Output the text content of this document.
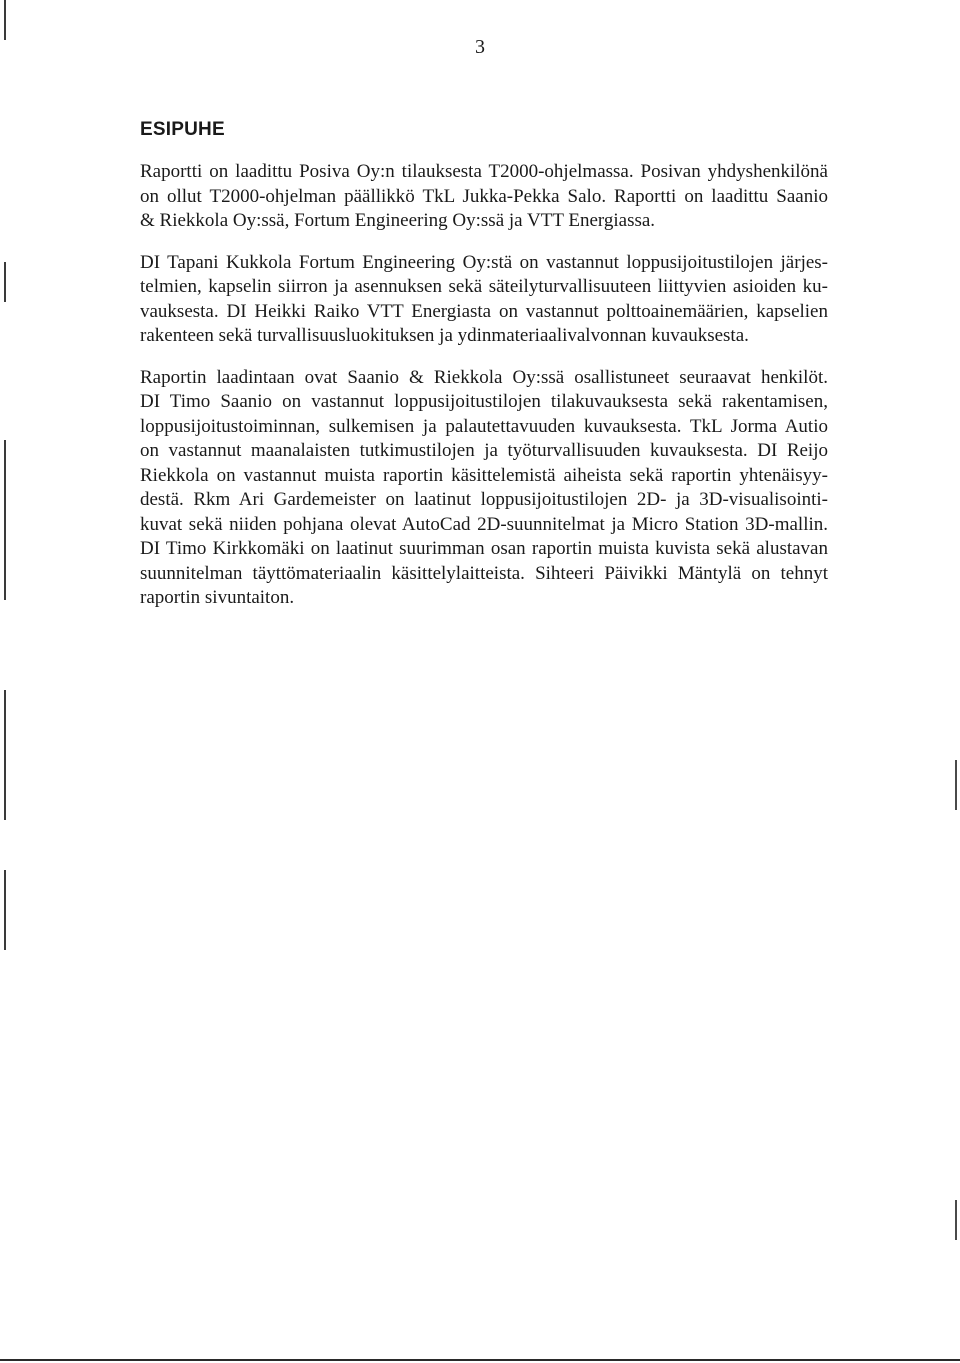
3
ESIPUHE

Raportti on laadittu Posiva Oy:n tilauksesta T2000-ohjelmassa. Posivan yhdyshenkilönä
on ollut T2000-ohjelman päällikkö TkL Jukka-Pekka Salo. Raportti on laadittu Saanio
& Riekkola Oy:ssä, Fortum Engineering Oy:ssä ja VTT Energiassa.

DI Tapani Kukkola Fortum Engineering Oy:stä on vastannut loppusijoitustilojen järjes-
telmien, kapselin siirron ja asennuksen sekä säteilyturvallisuuteen liittyvien asioiden ku-
vauksesta. DI Heikki Raiko VTT Energiasta on vastannut polttoainemäärien, kapselien
rakenteen sekä turvallisuusluokituksen ja ydinmateriaalivalvonnan kuvauksesta.

Raportin laadintaan ovat Saanio & Riekkola Oy:ssä osallistuneet seuraavat henkilöt.
DI Timo Saanio on vastannut loppusijoitustilojen tilakuvauksesta sekä rakentamisen,
loppusijoitustoiminnan, sulkemisen ja palautettavuuden kuvauksesta. TkL Jorma Autio
on vastannut maanalaisten tutkimustilojen ja työturvallisuuden kuvauksesta. DI Reijo
Riekkola on vastannut muista raportin käsittelemistä aiheista sekä raportin yhtenäisyy-
destä. Rkm Ari Gardemeister on laatinut loppusijoitustilojen 2D- ja 3D-visualisointi-
kuvat sekä niiden pohjana olevat AutoCad 2D-suunnitelmat ja Micro Station 3D-mallin.
DI Timo Kirkkomäki on laatinut suurimman osan raportin muista kuvista sekä alustavan
suunnitelman täyttömateriaalin käsittelylaitteista. Sihteeri Päivikki Mäntylä on tehnyt
raportin sivuntaiton.
